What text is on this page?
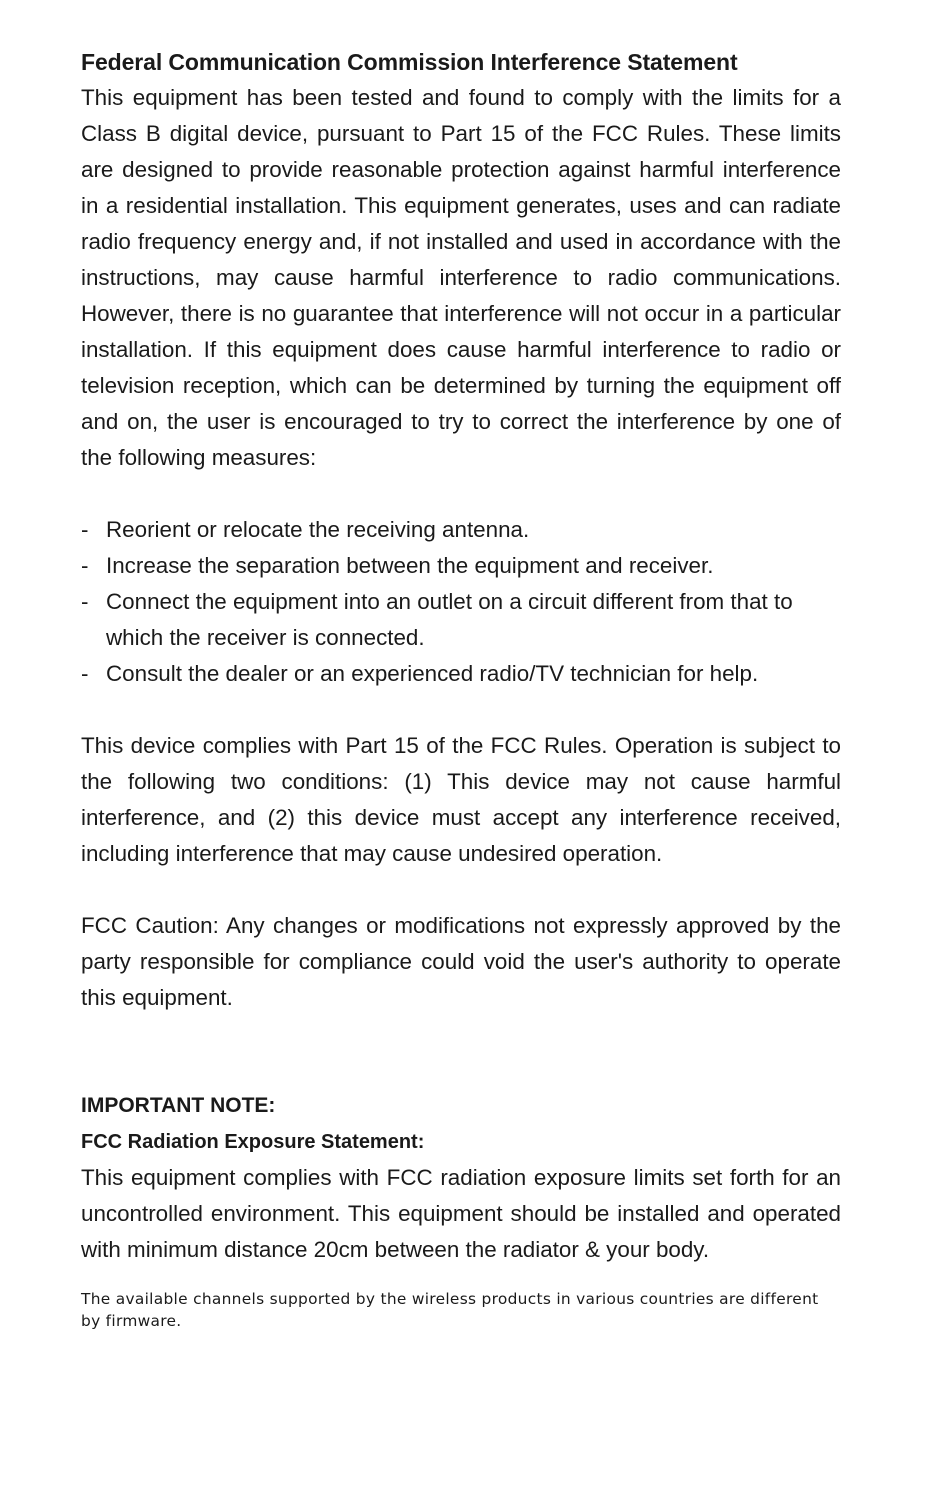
Federal Communication Commission Interference Statement

This equipment has been tested and found to comply with the limits for a Class B digital device, pursuant to Part 15 of the FCC Rules. These limits are designed to provide reasonable protection against harmful interference in a residential installation. This equipment generates, uses and can radiate radio frequency energy and, if not installed and used in accordance with the instructions, may cause harmful interference to radio communications. However, there is no guarantee that interference will not occur in a particular installation. If this equipment does cause harmful interference to radio or television reception, which can be determined by turning the equipment off and on, the user is encouraged to try to correct the interference by one of the following measures:

- Reorient or relocate the receiving antenna.
- Increase the separation between the equipment and receiver.
- Connect the equipment into an outlet on a circuit different from that to which the receiver is connected.
- Consult the dealer or an experienced radio/TV technician for help.

This device complies with Part 15 of the FCC Rules. Operation is subject to the following two conditions: (1) This device may not cause harmful interference, and (2) this device must accept any interference received, including interference that may cause undesired operation.

FCC Caution: Any changes or modifications not expressly approved by the party responsible for compliance could void the user's authority to operate this equipment.

IMPORTANT NOTE:
FCC Radiation Exposure Statement:

This equipment complies with FCC radiation exposure limits set forth for an uncontrolled environment. This equipment should be installed and operated with minimum distance 20cm between the radiator & your body.

The available channels supported by the wireless products in various countries are different by firmware.
